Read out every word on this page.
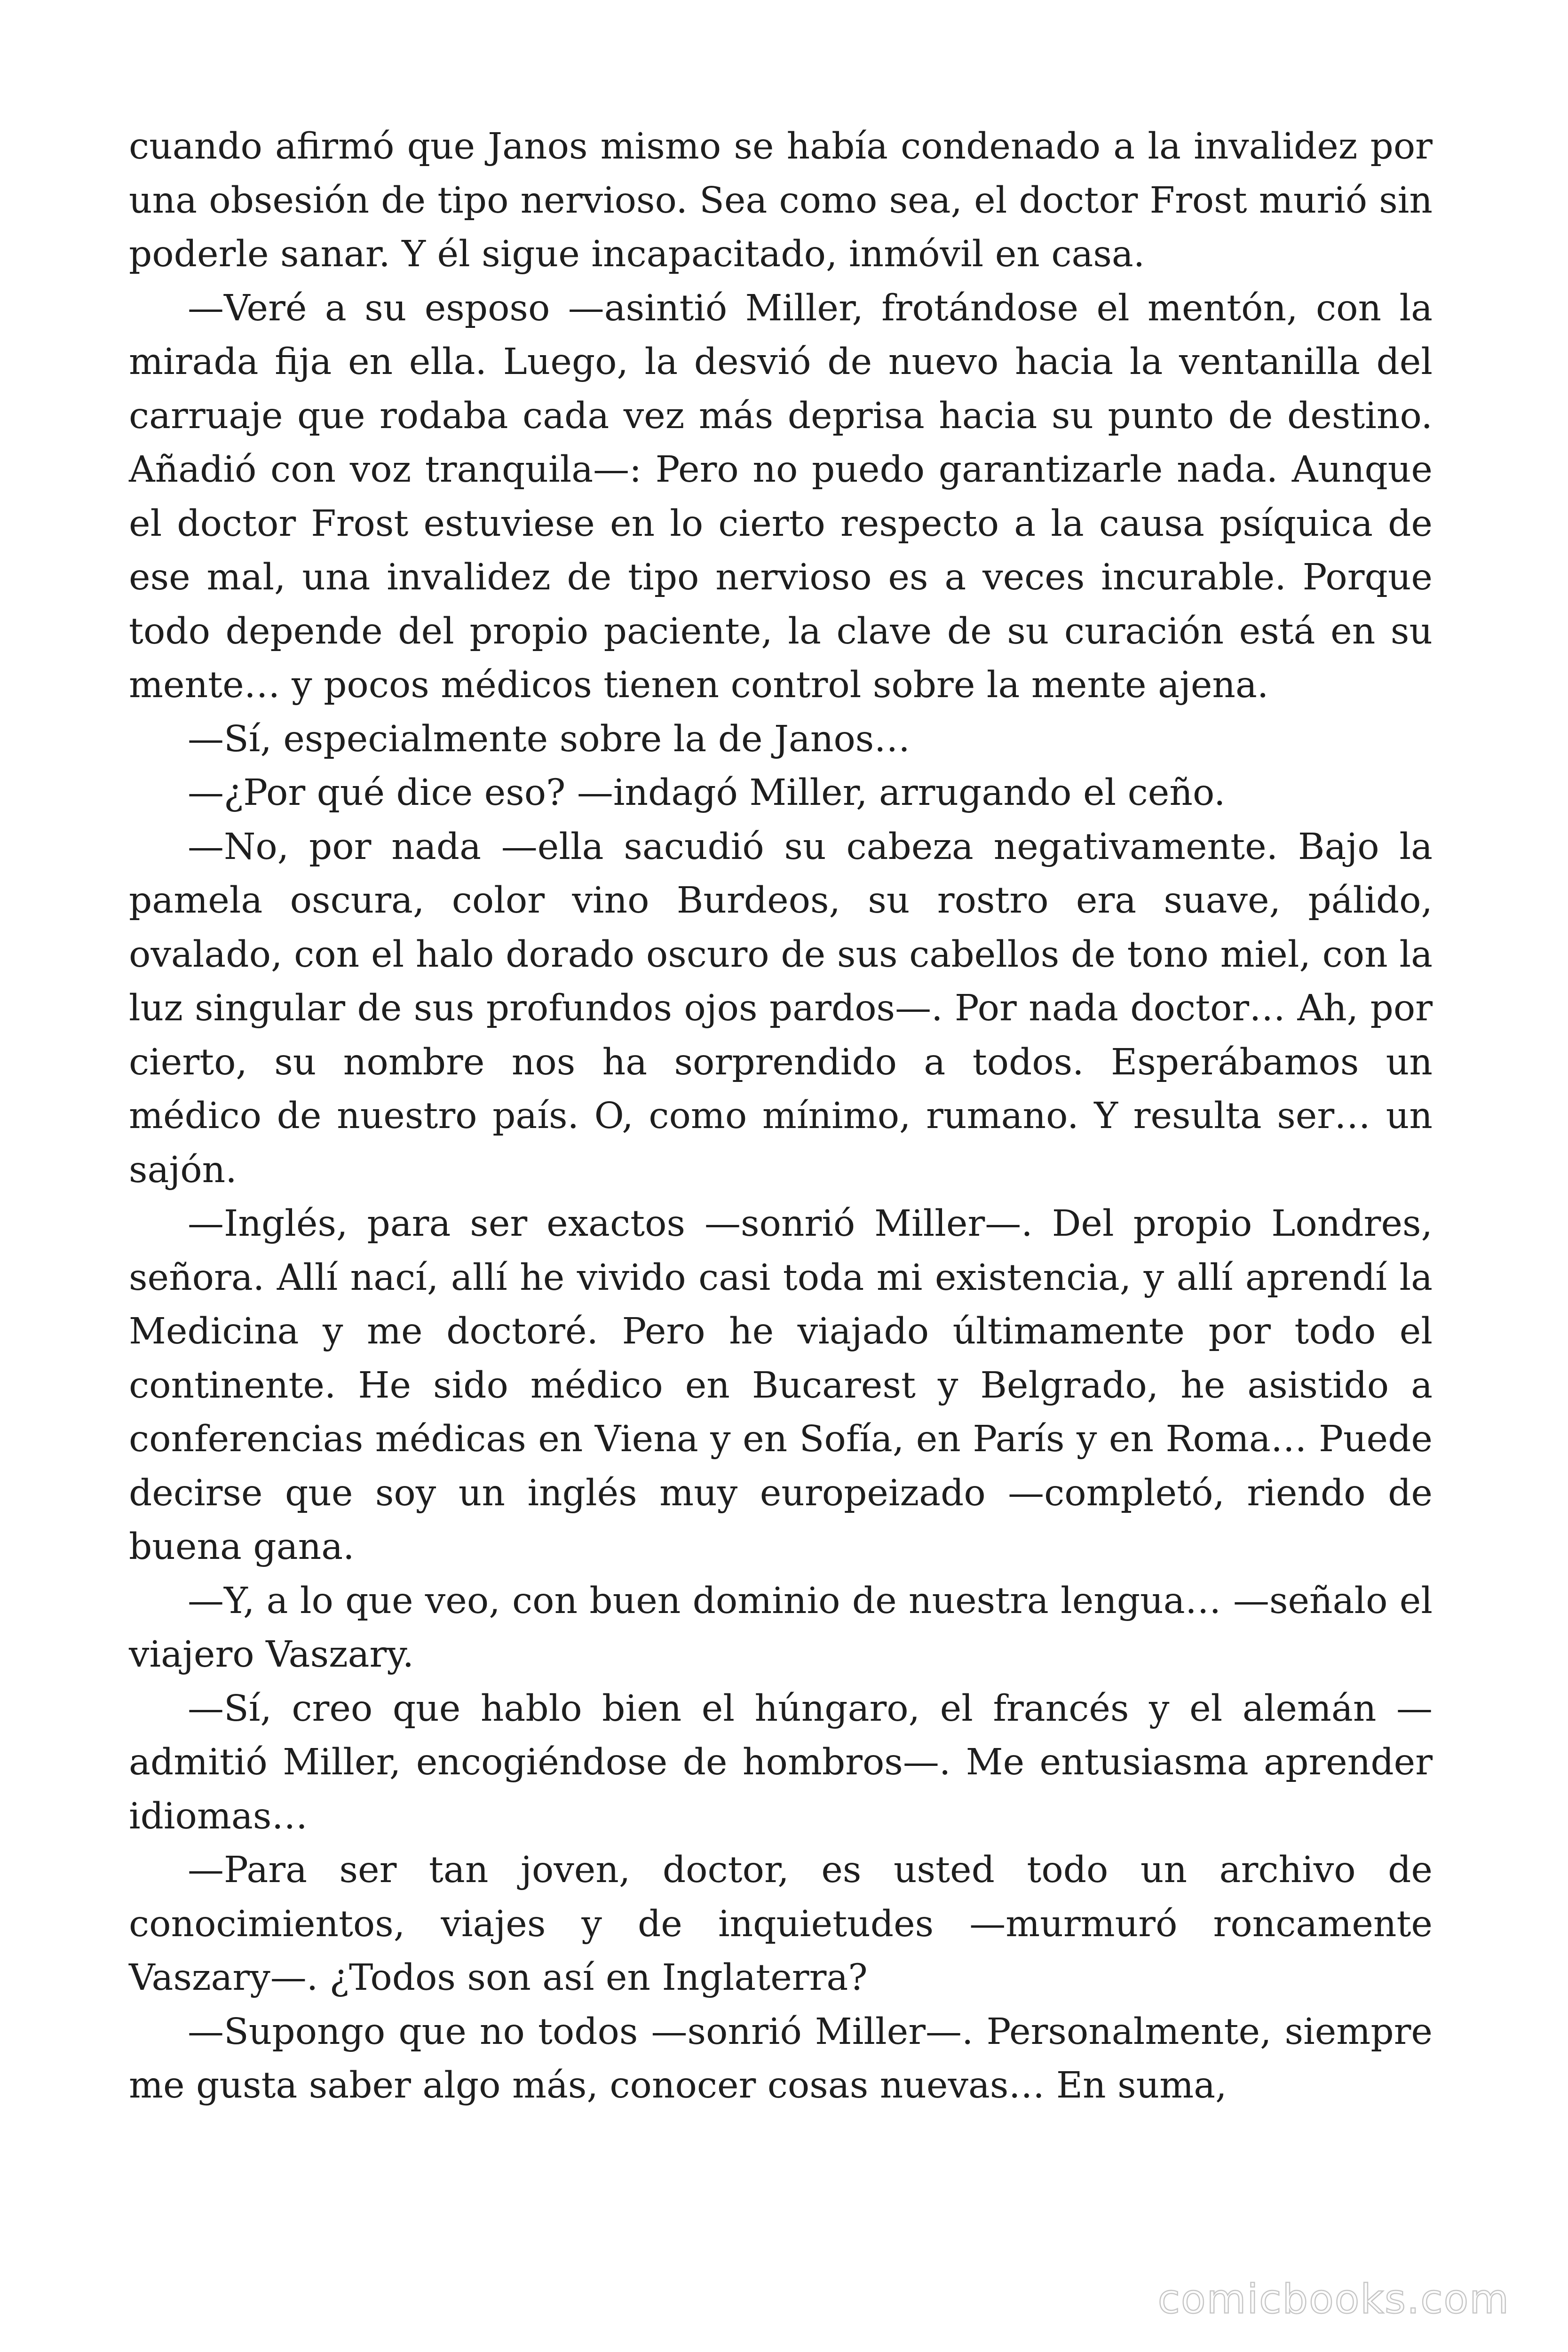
cuando afirmó que Janos mismo se había condenado a la invalidez por una obsesión de tipo nervioso. Sea como sea, el doctor Frost murió sin poderle sanar. Y él sigue incapacitado, inmóvil en casa.

—Veré a su esposo —asintió Miller, frotándose el mentón, con la mirada fija en ella. Luego, la desvió de nuevo hacia la ventanilla del carruaje que rodaba cada vez más deprisa hacia su punto de destino. Añadió con voz tranquila—: Pero no puedo garantizarle nada. Aunque el doctor Frost estuviese en lo cierto respecto a la causa psíquica de ese mal, una invalidez de tipo nervioso es a veces incurable. Porque todo depende del propio paciente, la clave de su curación está en su mente… y pocos médicos tienen control sobre la mente ajena.

—Sí, especialmente sobre la de Janos…

—¿Por qué dice eso? —indagó Miller, arrugando el ceño.

—No, por nada —ella sacudió su cabeza negativamente. Bajo la pamela oscura, color vino Burdeos, su rostro era suave, pálido, ovalado, con el halo dorado oscuro de sus cabellos de tono miel, con la luz singular de sus profundos ojos pardos—. Por nada doctor… Ah, por cierto, su nombre nos ha sorprendido a todos. Esperábamos un médico de nuestro país. O, como mínimo, rumano. Y resulta ser… un sajón.

—Inglés, para ser exactos —sonrió Miller—. Del propio Londres, señora. Allí nací, allí he vivido casi toda mi existencia, y allí aprendí la Medicina y me doctoré. Pero he viajado últimamente por todo el continente. He sido médico en Bucarest y Belgrado, he asistido a conferencias médicas en Viena y en Sofía, en París y en Roma… Puede decirse que soy un inglés muy europeizado —completó, riendo de buena gana.

—Y, a lo que veo, con buen dominio de nuestra lengua… —señalo el viajero Vaszary.

—Sí, creo que hablo bien el húngaro, el francés y el alemán —admitió Miller, encogiéndose de hombros—. Me entusiasma aprender idiomas…

—Para ser tan joven, doctor, es usted todo un archivo de conocimientos, viajes y de inquietudes —murmuró roncamente Vaszary—. ¿Todos son así en Inglaterra?

—Supongo que no todos —sonrió Miller—. Personalmente, siempre me gusta saber algo más, conocer cosas nuevas… En suma,

comicbooks.com
